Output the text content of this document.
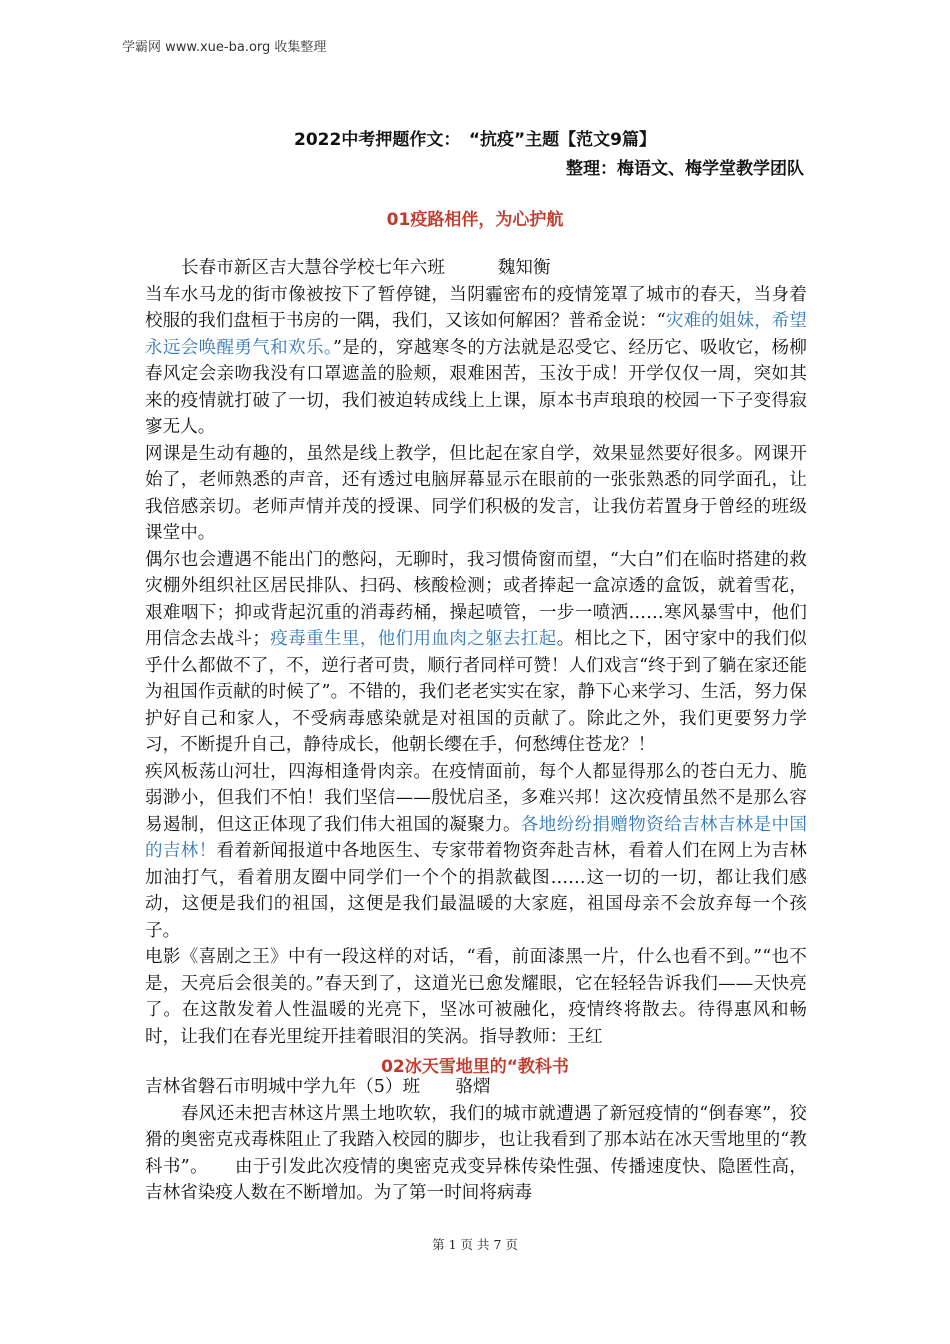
学霸网 www.xue-ba.org 收集整理
2022中考押题作文：　“抗疫”主题【范文9篇】
整理：梅语文、梅学堂教学团队
01疫路相伴，为心护航

长春市新区吉大慧谷学校七年六班　　　魏知衡

当车水马龙的街市像被按下了暂停键，当阴霾密布的疫情笼罩了城市的春天，当身着校服的我们盘桓于书房的一隅，我们，又该如何解困？普希金说：“灾难的姐妹，希望永远会唤醒勇气和欢乐。”是的，穿越寒冬的方法就是忍受它、经历它、吸收它，杨柳春风定会亲吻我没有口罩遮盖的脸颊，艰难困苦，玉汝于成！开学仅仅一周，突如其来的疫情就打破了一切，我们被迫转成线上上课，原本书声琅琅的校园一下子变得寂寥无人。

网课是生动有趣的，虽然是线上教学，但比起在家自学，效果显然要好很多。网课开始了，老师熟悉的声音，还有透过电脑屏幕显示在眼前的一张张熟悉的同学面孔，让我倍感亲切。老师声情并茂的授课、同学们积极的发言，让我仿若置身于曾经的班级课堂中。

偶尔也会遭遇不能出门的憋闷，无聊时，我习惯倚窗而望，“大白”们在临时搭建的救灾棚外组织社区居民排队、扫码、核酸检测；或者捧起一盒凉透的盒饭，就着雪花，艰难咽下；抑或背起沉重的消毒药桶，操起喷管，一步一喷洒……寒风暴雪中，他们用信念去战斗；疫毒重生里，他们用血肉之躯去扛起。相比之下，困守家中的我们似乎什么都做不了，不，逆行者可贵，顺行者同样可赞！人们戏言“终于到了躺在家还能为祖国作贡献的时候了”。不错的，我们老老实实在家，静下心来学习、生活，努力保护好自己和家人，不受病毒感染就是对祖国的贡献了。除此之外，我们更要努力学习，不断提升自己，静待成长，他朝长缨在手，何愁缚住苍龙？！

疾风板荡山河壮，四海相逢骨肉亲。在疫情面前，每个人都显得那么的苍白无力、脆弱渺小，但我们不怕！我们坚信——殷忧启圣，多难兴邦！这次疫情虽然不是那么容易遏制，但这正体现了我们伟大祖国的凝聚力。各地纷纷捐赠物资给吉林吉林是中国的吉林！看着新闻报道中各地医生、专家带着物资奔赴吉林，看着人们在网上为吉林加油打气，看着朋友圈中同学们一个个的捐款截图……这一切的一切，都让我们感动，这便是我们的祖国，这便是我们最温暖的大家庭，祖国母亲不会放弃每一个孩子。

电影《喜剧之王》中有一段这样的对话，“看，前面漆黑一片，什么也看不到。”“也不是，天亮后会很美的。”春天到了，这道光已愈发耀眼，它在轻轻告诉我们——天快亮了。在这散发着人性温暖的光亮下，坚冰可被融化，疫情终将散去。待得惠风和畅时，让我们在春光里绽开挂着眼泪的笑涡。指导教师：王红

02冰天雪地里的“教科书

吉林省磐石市明城中学九年（5）班　　骆熠

春风还未把吉林这片黑土地吹软，我们的城市就遭遇了新冠疫情的“倒春寒”，狡猾的奥密克戎毒株阻止了我踏入校园的脚步，也让我看到了那本站在冰天雪地里的“教科书”。　　由于引发此次疫情的奥密克戎变异株传染性强、传播速度快、隐匿性高，吉林省染疫人数在不断增加。为了第一时间将病毒

第 1 页 共 7 页
